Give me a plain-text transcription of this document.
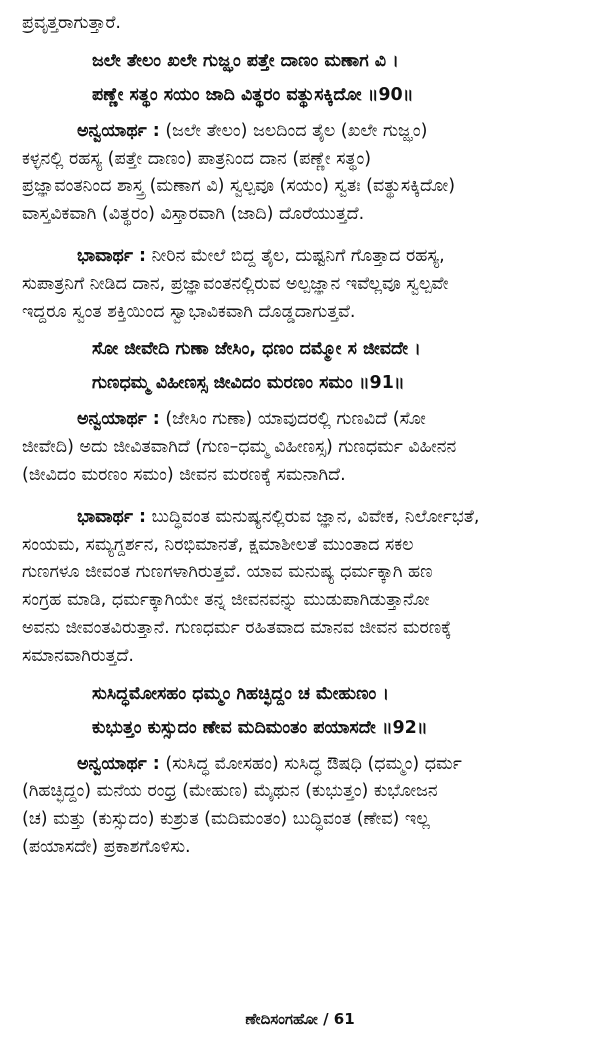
ಪ್ರವೃತ್ತರಾಗುತ್ತಾರೆ.
ಜಲೇ ತೇಲಂ ಖಲೇ ಗುಜ್ಝಂ ಪತ್ತೇ ದಾಣಂ ಮಣಾಗ ವಿ ।
ಪಣ್ಣೇ ಸತ್ಥಂ ಸಯಂ ಜಾದಿ ವಿತ್ಥರಂ ವತ್ಥುಸಕ್ಕಿದೋ ॥90॥
ಅನ್ವಯಾರ್ಥ : (ಜಲೇ ತೇಲಂ) ಜಲದಿಂದ ತೈಲ (ಖಲೇ ಗುಜ್ಝಂ)
ಕಳ್ಳನಲ್ಲಿ ರಹಸ್ಯ (ಪತ್ತೇ ದಾಣಂ) ಪಾತ್ರನಿಂದ ದಾನ (ಪಣ್ಣೇ ಸತ್ಥಂ)
ಪ್ರಜ್ಞಾವಂತನಿಂದ ಶಾಸ್ತ್ರ (ಮಣಾಗ ವಿ) ಸ್ವಲ್ಪವೂ (ಸಯಂ) ಸ್ವತಃ (ವತ್ಥುಸಕ್ಕಿದೋ)
ವಾಸ್ತವಿಕವಾಗಿ (ವಿತ್ಥರಂ) ವಿಸ್ತಾರವಾಗಿ (ಜಾದಿ) ದೊರೆಯುತ್ತದೆ.
ಭಾವಾರ್ಥ : ನೀರಿನ ಮೇಲೆ ಬಿದ್ದ ತೈಲ, ದುಷ್ಟನಿಗೆ ಗೊತ್ತಾದ ರಹಸ್ಯ,
ಸುಪಾತ್ರನಿಗೆ ನೀಡಿದ ದಾನ, ಪ್ರಜ್ಞಾವಂತನಲ್ಲಿರುವ ಅಲ್ಪಜ್ಞಾನ ಇವೆಲ್ಲವೂ ಸ್ವಲ್ಪವೇ
ಇದ್ದರೂ ಸ್ವಂತ ಶಕ್ತಿಯಿಂದ ಸ್ವಾಭಾವಿಕವಾಗಿ ದೊಡ್ಡದಾಗುತ್ತವೆ.
ಸೋ ಜೀವೇದಿ ಗುಣಾ ಜೇಸಿಂ, ಧಣಂ ದಮ್ಮೋ ಸ ಜೀವದೇ ।
ಗುಣಧಮ್ಮ ವಿಹೀಣಸ್ಸ ಜೀವಿದಂ ಮರಣಂ ಸಮಂ ॥91॥
ಅನ್ವಯಾರ್ಥ : (ಜೇಸಿಂ ಗುಣಾ) ಯಾವುದರಲ್ಲಿ ಗುಣವಿದೆ (ಸೋ
ಜೀವೇದಿ) ಅದು ಜೀವಿತವಾಗಿದೆ (ಗುಣ–ಧಮ್ಮ ವಿಹೀಣಸ್ಸ) ಗುಣಧರ್ಮ ವಿಹೀನನ
(ಜೀವಿದಂ ಮರಣಂ ಸಮಂ) ಜೀವನ ಮರಣಕ್ಕೆ ಸಮನಾಗಿದೆ.
ಭಾವಾರ್ಥ : ಬುದ್ಧಿವಂತ ಮನುಷ್ಯನಲ್ಲಿರುವ ಜ್ಞಾನ, ವಿವೇಕ, ನಿರ್ಲೋಭತೆ,
ಸಂಯಮ, ಸಮ್ಯಗ್ದರ್ಶನ, ನಿರಭಿಮಾನತೆ, ಕ್ಷಮಾಶೀಲತೆ ಮುಂತಾದ ಸಕಲ
ಗುಣಗಳೂ ಜೀವಂತ ಗುಣಗಳಾಗಿರುತ್ತವೆ. ಯಾವ ಮನುಷ್ಯ ಧರ್ಮಕ್ಕಾಗಿ ಹಣ
ಸಂಗ್ರಹ ಮಾಡಿ, ಧರ್ಮಕ್ಕಾಗಿಯೇ ತನ್ನ ಜೀವನವನ್ನು ಮುಡುಪಾಗಿಡುತ್ತಾನೋ
ಅವನು ಜೀವಂತವಿರುತ್ತಾನೆ. ಗುಣಧರ್ಮ ರಹಿತವಾದ ಮಾನವ ಜೀವನ ಮರಣಕ್ಕೆ
ಸಮಾನವಾಗಿರುತ್ತದೆ.
ಸುಸಿದ್ಧಮೋಸಹಂ ಧಮ್ಮಂ ಗಿಹಚ್ಛಿದ್ದಂ ಚ ಮೇಹುಣಂ ।
ಕುಭುತ್ತಂ ಕುಸ್ಸುದಂ ಣೇವ ಮದಿಮಂತಂ ಪಯಾಸದೇ ॥92॥
ಅನ್ವಯಾರ್ಥ : (ಸುಸಿದ್ಧ ಮೋಸಹಂ) ಸುಸಿದ್ಧ ಔಷಧಿ (ಧಮ್ಮಂ) ಧರ್ಮ
(ಗಿಹಚ್ಛಿದ್ದಂ) ಮನೆಯ ರಂಧ್ರ (ಮೇಹುಣ) ಮೈಥುನ (ಕುಭುತ್ತಂ) ಕುಭೋಜನ
(ಚ) ಮತ್ತು (ಕುಸ್ಸುದಂ) ಕುಶ್ರುತ (ಮದಿಮಂತಂ) ಬುದ್ಧಿವಂತ (ಣೇವ) ಇಲ್ಲ
(ಪಯಾಸದೇ) ಪ್ರಕಾಶಗೊಳಿಸು.
ಣೇದಿಸಂಗಹೋ / 61
